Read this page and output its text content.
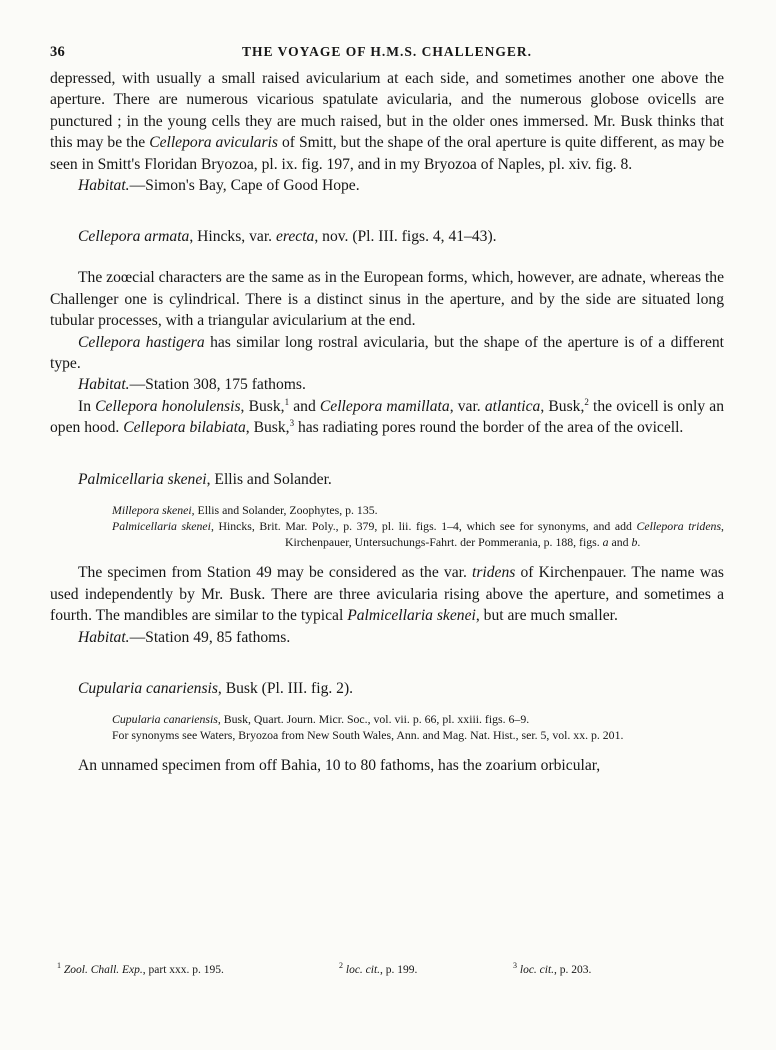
36	THE VOYAGE OF H.M.S. CHALLENGER.

depressed, with usually a small raised avicularium at each side, and sometimes another one above the aperture. There are numerous vicarious spatulate avicularia, and the numerous globose ovicells are punctured ; in the young cells they are much raised, but in the older ones immersed. Mr. Busk thinks that this may be the Cellepora avicularis of Smitt, but the shape of the oral aperture is quite different, as may be seen in Smitt's Floridan Bryozoa, pl. ix. fig. 197, and in my Bryozoa of Naples, pl. xiv. fig. 8.

Habitat.—Simon's Bay, Cape of Good Hope.

Cellepora armata, Hincks, var. erecta, nov. (Pl. III. figs. 4, 41–43).

The zoœcial characters are the same as in the European forms, which, however, are adnate, whereas the Challenger one is cylindrical. There is a distinct sinus in the aperture, and by the side are situated long tubular processes, with a triangular avicularium at the end.

Cellepora hastigera has similar long rostral avicularia, but the shape of the aperture is of a different type.

Habitat.—Station 308, 175 fathoms.

In Cellepora honolulensis, Busk,$^1$ and Cellepora mamillata, var. atlantica, Busk,$^2$ the ovicell is only an open hood. Cellepora bilabiata, Busk,$^3$ has radiating pores round the border of the area of the ovicell.

Palmicellaria skenei, Ellis and Solander.

Millepora skenei, Ellis and Solander, Zoophytes, p. 135.

Palmicellaria skenei, Hincks, Brit. Mar. Poly., p. 379, pl. lii. figs. 1–4, which see for synonyms, and add Cellepora tridens, Kirchenpauer, Untersuchungs-Fahrt. der Pommerania, p. 188, figs. a and b.

The specimen from Station 49 may be considered as the var. tridens of Kirchenpauer. The name was used independently by Mr. Busk. There are three avicularia rising above the aperture, and sometimes a fourth. The mandibles are similar to the typical Palmicellaria skenei, but are much smaller.

Habitat.—Station 49, 85 fathoms.

Cupularia canariensis, Busk (Pl. III. fig. 2).

Cupularia canariensis, Busk, Quart. Journ. Micr. Soc., vol. vii. p. 66, pl. xxiii. figs. 6–9.

For synonyms see Waters, Bryozoa from New South Wales, Ann. and Mag. Nat. Hist., ser. 5, vol. xx. p. 201.

An unnamed specimen from off Bahia, 10 to 80 fathoms, has the zoarium orbicular,

$^1$ Zool. Chall. Exp., part xxx. p. 195.	$^2$ loc. cit., p. 199.	$^3$ loc. cit., p. 203.
